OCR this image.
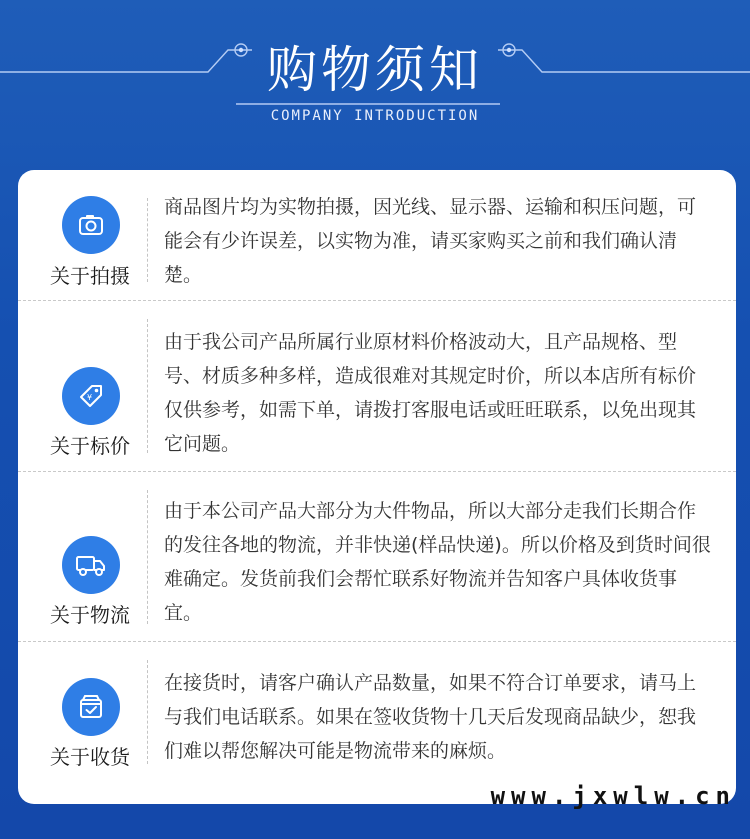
购物须知
COMPANY INTRODUCTION
关于拍摄
商品图片均为实物拍摄，因光线、显示器、运输和积压问题，可能会有少许误差，以实物为准，请买家购买之前和我们确认清楚。
¥
关于标价
由于我公司产品所属行业原材料价格波动大，且产品规格、型号、材质多种多样，造成很难对其规定时价，所以本店所有标价仅供参考，如需下单，请拨打客服电话或旺旺联系，以免出现其它问题。
关于物流
由于本公司产品大部分为大件物品，所以大部分走我们长期合作的发往各地的物流，并非快递(样品快递)。所以价格及到货时间很难确定。发货前我们会帮忙联系好物流并告知客户具体收货事宜。
关于收货
在接货时，请客户确认产品数量，如果不符合订单要求，请马上与我们电话联系。如果在签收货物十几天后发现商品缺少，恕我们难以帮您解决可能是物流带来的麻烦。
www.jxwlw.cn
